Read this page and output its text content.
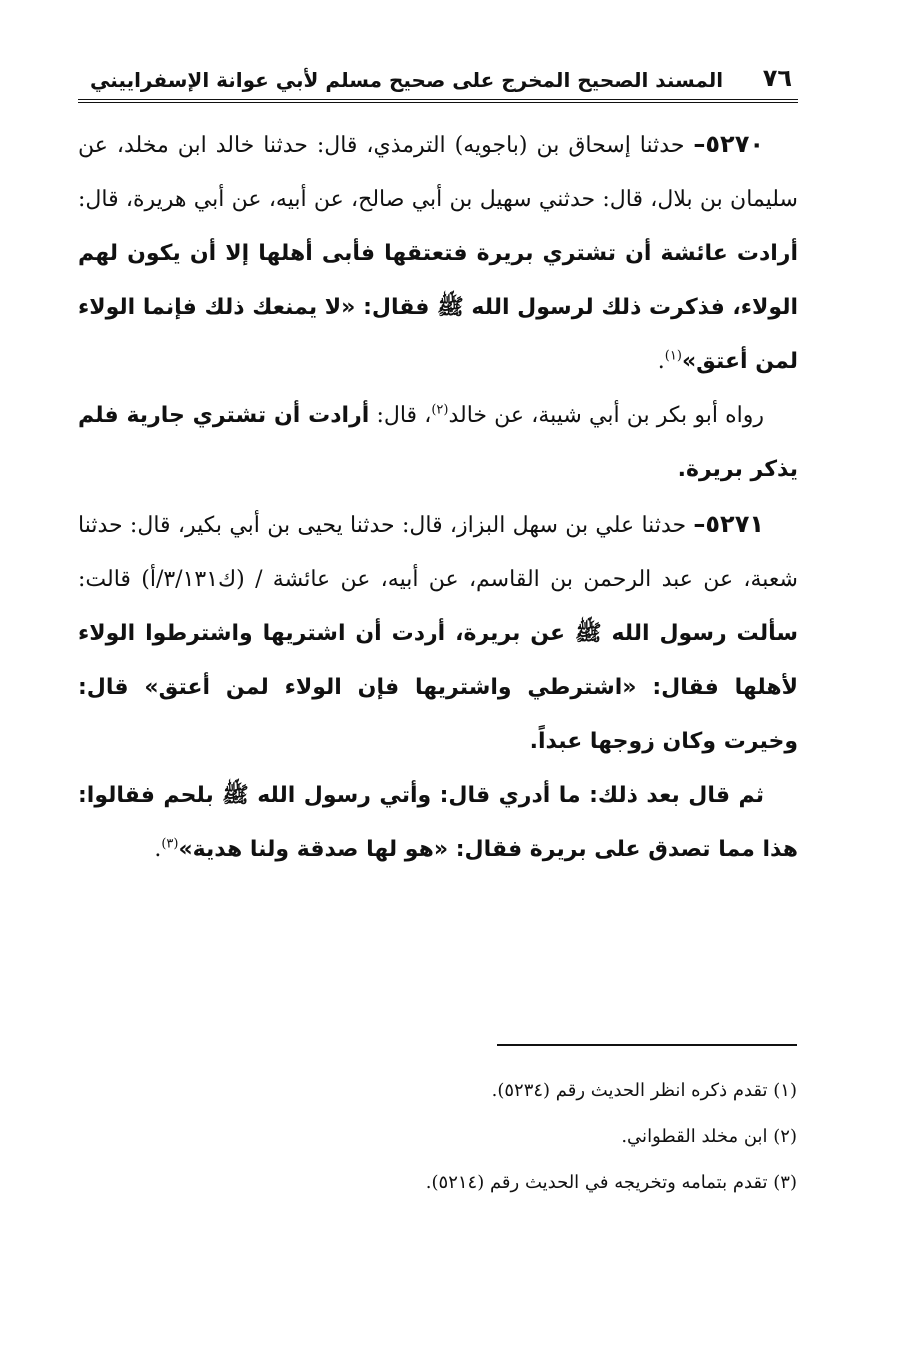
٧٦
المسند الصحيح المخرج على صحيح مسلم لأبي عوانة الإسفراييني

٥٢٧٠– حدثنا إسحاق بن (باجويه) الترمذي، قال: حدثنا خالد ابن مخلد، عن سليمان بن بلال، قال: حدثني سهيل بن أبي صالح، عن أبيه، عن أبي هريرة، قال: أرادت عائشة أن تشتري بريرة فتعتقها فأبى أهلها إلا أن يكون لهم الولاء، فذكرت ذلك لرسول الله ﷺ فقال: «لا يمنعك ذلك فإنما الولاء لمن أعتق»$^{(١)}$.

رواه أبو بكر بن أبي شيبة، عن خالد$^{(٢)}$، قال: أرادت أن تشتري جارية فلم يذكر بريرة.

٥٢٧١– حدثنا علي بن سهل البزاز، قال: حدثنا يحيى بن أبي بكير، قال: حدثنا شعبة، عن عبد الرحمن بن القاسم، عن أبيه، عن عائشة / (ك٣/١٣١/أ) قالت: سألت رسول الله ﷺ عن بريرة، أردت أن اشتريها واشترطوا الولاء لأهلها فقال: «اشترطي واشتريها فإن الولاء لمن أعتق» قال: وخيرت وكان زوجها عبداً.

ثم قال بعد ذلك: ما أدري قال: وأتي رسول الله ﷺ بلحم فقالوا: هذا مما تصدق على بريرة فقال: «هو لها صدقة ولنا هدية»$^{(٣)}$.

(١) تقدم ذكره انظر الحديث رقم (٥٢٣٤).
(٢) ابن مخلد القطواني.
(٣) تقدم بتمامه وتخريجه في الحديث رقم (٥٢١٤).
